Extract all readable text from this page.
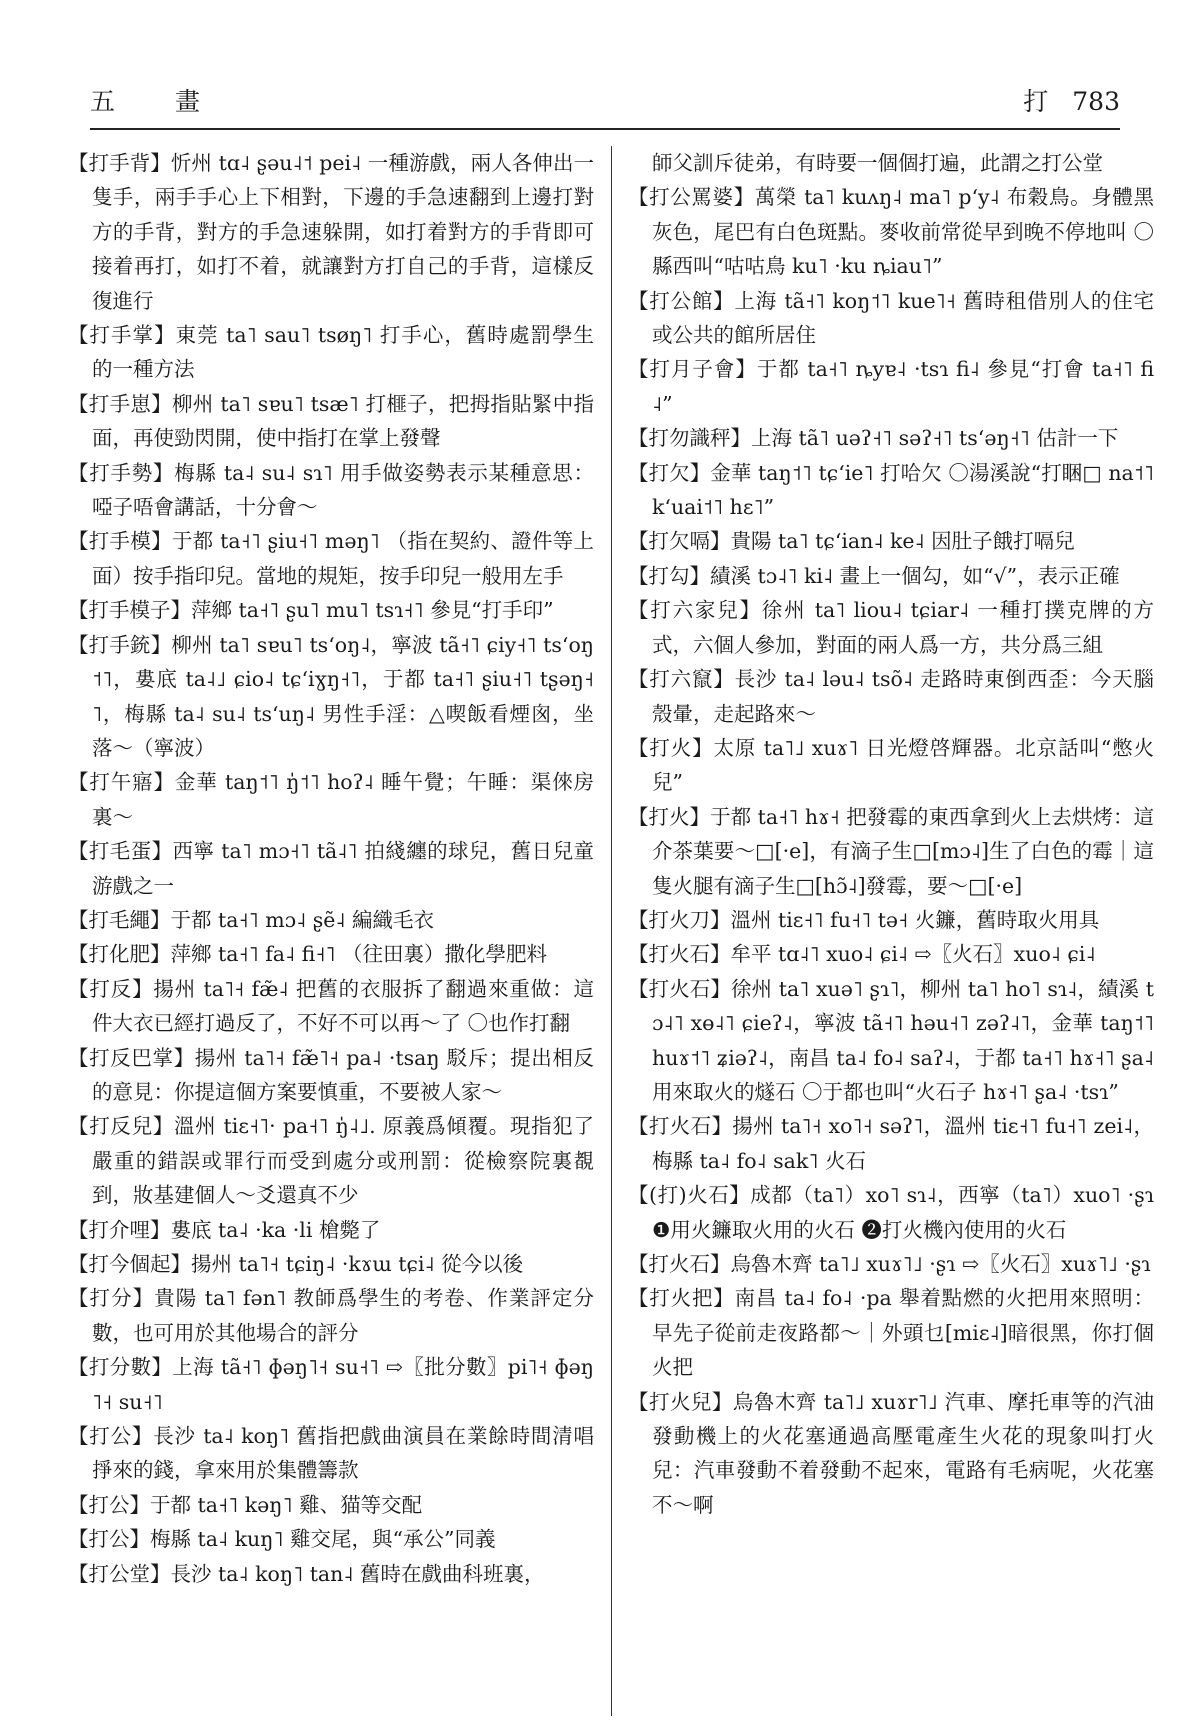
五 畫	打 783
【打手背】忻州 tɑ˨ ʂəu˨˦ pei˨ 一種游戲，兩人各伸出一隻手，兩手手心上下相對，下邊的手急速翻到上邊打對方的手背，對方的手急速躲開，如打着對方的手背即可接着再打，如打不着，就讓對方打自己的手背，這樣反復進行
【打手掌】東莞 ta˥ sau˥ tsøŋ˥ 打手心，舊時處罰學生的一種方法
【打手崽】柳州 ta˥ sɐu˥ tsæ˥ 打榧子，把拇指貼緊中指面，再使勁閃開，使中指打在掌上發聲
【打手勢】梅縣 ta˨ su˨ sɿ˥ 用手做姿勢表示某種意思：啞子唔會講話，十分會～
【打手模】于都 ta˧˥ ʂiu˧˥ məŋ˥ （指在契約、證件等上面）按手指印兒。當地的規矩，按手印兒一般用左手
【打手模子】萍鄉 ta˧˥ ʂu˥ mu˥ tsɿ˧˥ 參見“打手印”
【打手銃】柳州 ta˥ sɐu˥ tsʻoŋ˨，寧波 tã˧˥ ɕiy˧˥ tsʻoŋ˦˥，婁底 ta˨˩ ɕio˨ tɕʻiɣŋ˧˥，于都 ta˧˥ ʂiu˧˥ tʂəŋ˧˥，梅縣 ta˨ su˨ tsʻuŋ˨ 男性手淫：△喫飯看煙囪，坐落～（寧波）
【打午寤】金華 taŋ˦˥ ŋ̍˦˥ hoʔ˨ 睡午覺；午睡：渠倈房裏～
【打毛蛋】西寧 ta˥ mɔ˧˥ tã˨˥ 拍綫纏的球兒，舊日兒童游戲之一
【打毛繩】于都 ta˧˥ mɔ˨ ʂẽ˨ 編織毛衣
【打化肥】萍鄉 ta˧˥ fa˨ fi˧˥ （往田裏）撒化學肥料
【打反】揚州 ta˥˧ fæ̃˨ 把舊的衣服拆了翻過來重做：這件大衣已經打過反了，不好不可以再～了 〇也作打翻
【打反巴掌】揚州 ta˥˧ fæ̃˥˧ pa˨ ·tsaŋ 駁斥；提出相反的意見：你提這個方案要慎重，不要被人家～
【打反兒】溫州 tiɛ˧˥· pa˧˥ ŋ̍˨˩. 原義爲傾覆。現指犯了嚴重的錯誤或罪行而受到處分或刑罰：從檢察院裏覩到，妝基建個人～爻還真不少
【打介哩】婁底 ta˨ ·ka ·li 槍斃了
【打今個起】揚州 ta˥˧ tɕiŋ˨ ·kɤɯ tɕi˨ 從今以後
【打分】貴陽 ta˥ fən˥ 教師爲學生的考卷、作業評定分數，也可用於其他場合的評分
【打分數】上海 tã˧˥ ɸəŋ˥˧ su˧˥ ⇨〖批分數〗pi˥˧ ɸəŋ˥˧ su˧˥
【打公】長沙 ta˨ koŋ˥ 舊指把戲曲演員在業餘時間清唱掙來的錢，拿來用於集體籌款
【打公】于都 ta˧˥ kəŋ˥ 雞、猫等交配
【打公】梅縣 ta˨ kuŋ˥ 雞交尾，與“承公”同義
【打公堂】長沙 ta˨ koŋ˥ tan˨ 舊時在戲曲科班裏，
師父訓斥徒弟，有時要一個個打遍，此謂之打公堂
【打公罵婆】萬榮 ta˥ kuʌŋ˨ ma˥ pʻy˨ 布穀鳥。身體黑灰色，尾巴有白色斑點。麥收前常從早到晚不停地叫 〇縣西叫“咕咕鳥 ku˥ ·ku ȵiau˥”
【打公館】上海 tã˧˥ koŋ˦˥ kue˥˧ 舊時租借別人的住宅或公共的館所居住
【打月子會】于都 ta˧˥ ȵyɐ˨ ·tsɿ fi˨ 參見“打會 ta˧˥ fi˨”
【打勿識秤】上海 tã˥ uəʔ˧˥ səʔ˧˥ tsʻəŋ˧˥ 估計一下
【打欠】金華 taŋ˦˥ tɕʻie˥ 打哈欠 〇湯溪說“打睏□ na˦˥ kʻuai˦˥ hɛ˥”
【打欠嗝】貴陽 ta˥ tɕʻian˨ ke˨ 因肚子餓打嗝兒
【打勾】績溪 tɔ˨˥ ki˨ 畫上一個勾，如“√”，表示正確
【打六家兒】徐州 ta˥ liou˨ tɕiar˨ 一種打撲克牌的方式，六個人參加，對面的兩人爲一方，共分爲三組
【打六竄】長沙 ta˨ ləu˨ tsõ˨ 走路時東倒西歪：今天腦殼暈，走起路來～
【打火】太原 ta˥˩ xuɤ˥ 日光燈啓輝器。北京話叫“憋火兒”
【打火】于都 ta˧˥ hɤ˧ 把發霉的東西拿到火上去烘烤：這介茶葉要～□[·e]，有滴子生□[mɔ˨]生了白色的霉｜這隻火腿有滴子生□[hɔ̃˨]發霉，要～□[·e]
【打火刀】溫州 tiɛ˧˥ fu˧˥ tə˧ 火鐮，舊時取火用具
【打火石】牟平 tɑ˨˥ xuo˨ ɕi˨ ⇨〖火石〗xuo˨ ɕi˨
【打火石】徐州 ta˥ xuə˥ ʂɿ˥，柳州 ta˥ ho˥ sɿ˨，績溪 tɔ˨˥ xɵ˨˥ ɕieʔ˨，寧波 tã˧˥ həu˧˥ zəʔ˨˥，金華 taŋ˦˥ huɤ˦˥ ʑiəʔ˨，南昌 ta˨ fo˨ saʔ˨，于都 ta˧˥ hɤ˧˥ ʂa˨ 用來取火的燧石 〇于都也叫“火石子 hɤ˧˥ ʂa˨ ·tsɿ”
【打火石】揚州 ta˥˧ xo˥˧ səʔ˥，溫州 tiɛ˧˥ fu˧˥ zei˨，梅縣 ta˨ fo˨ sak˥ 火石
【(打)火石】成都（ta˥）xo˥ sɿ˨，西寧（ta˥）xuo˥ ·ʂɿ ❶用火鐮取火用的火石 ❷打火機內使用的火石
【打火石】烏魯木齊 ta˥˩ xuɤ˥˩ ·ʂɿ ⇨〖火石〗xuɤ˥˩ ·ʂɿ
【打火把】南昌 ta˨ fo˨ ·pa 舉着點燃的火把用來照明：早先子從前走夜路都～｜外頭乜[miɛ˨]暗很黑，你打個火把
【打火兒】烏魯木齊 ta˥˩ xuɤr˥˩ 汽車、摩托車等的汽油發動機上的火花塞通過高壓電產生火花的現象叫打火兒：汽車發動不着發動不起來，電路有毛病呢，火花塞不～啊
